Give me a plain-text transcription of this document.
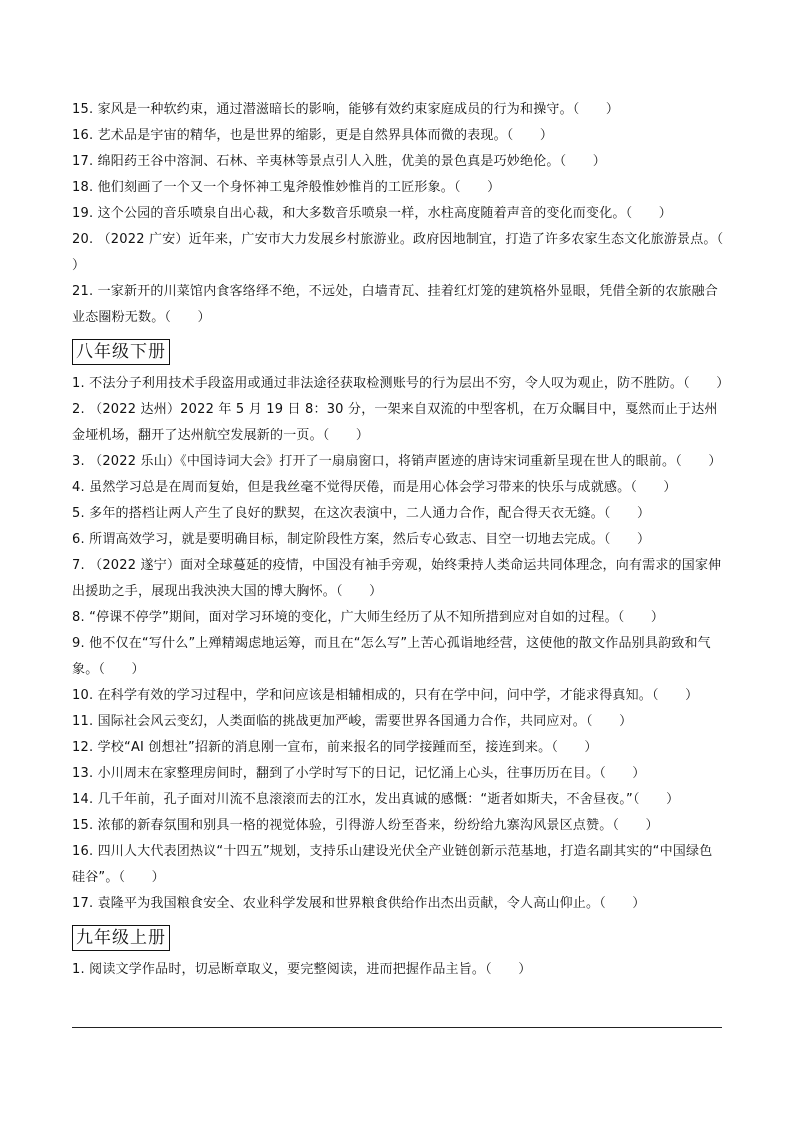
15. 家风是一种软约束，通过潜滋暗长的影响，能够有效约束家庭成员的行为和操守。（　　）

16. 艺术品是宇宙的精华，也是世界的缩影，更是自然界具体而微的表现。（　　）

17. 绵阳药王谷中溶洞、石林、辛夷林等景点引人入胜，优美的景色真是巧妙绝伦。（　　）

18. 他们刻画了一个又一个身怀神工鬼斧般惟妙惟肖的工匠形象。（　　）

19. 这个公园的音乐喷泉自出心裁，和大多数音乐喷泉一样，水柱高度随着声音的变化而变化。（　　）

20. （2022 广安）近年来，广安市大力发展乡村旅游业。政府因地制宜，打造了许多农家生态文化旅游景点。（　　）

21. 一家新开的川菜馆内食客络绎不绝，不远处，白墙青瓦、挂着红灯笼的建筑格外显眼，凭借全新的农旅融合业态圈粉无数。（　　）

八年级下册

1. 不法分子利用技术手段盗用或通过非法途径获取检测账号的行为层出不穷，令人叹为观止，防不胜防。（　　）

2. （2022 达州）2022 年 5 月 19 日 8：30 分，一架来自双流的中型客机，在万众瞩目中，戛然而止于达州金垭机场，翻开了达州航空发展新的一页。（　　）

3. （2022 乐山）《中国诗词大会》打开了一扇扇窗口，将销声匿迹的唐诗宋词重新呈现在世人的眼前。（　　）

4. 虽然学习总是在周而复始，但是我丝毫不觉得厌倦，而是用心体会学习带来的快乐与成就感。（　　）

5. 多年的搭档让两人产生了良好的默契，在这次表演中，二人通力合作，配合得天衣无缝。（　　）

6. 所谓高效学习，就是要明确目标，制定阶段性方案，然后专心致志、目空一切地去完成。（　　）

7. （2022 遂宁）面对全球蔓延的疫情，中国没有袖手旁观，始终秉持人类命运共同体理念，向有需求的国家伸出援助之手，展现出我泱泱大国的博大胸怀。（　　）

8. “停课不停学”期间，面对学习环境的变化，广大师生经历了从不知所措到应对自如的过程。（　　）

9. 他不仅在“写什么”上殚精竭虑地运筹，而且在“怎么写”上苦心孤诣地经营，这使他的散文作品别具韵致和气象。（　　）

10. 在科学有效的学习过程中，学和问应该是相辅相成的，只有在学中问，问中学，才能求得真知。（　　）

11. 国际社会风云变幻，人类面临的挑战更加严峻，需要世界各国通力合作，共同应对。（　　）

12. 学校“AI 创想社”招新的消息刚一宣布，前来报名的同学接踵而至，接连到来。（　　）

13. 小川周末在家整理房间时，翻到了小学时写下的日记，记忆涌上心头，往事历历在目。（　　）

14. 几千年前，孔子面对川流不息滚滚而去的江水，发出真诚的感慨：“逝者如斯夫，不舍昼夜。”（　　）

15. 浓郁的新春氛围和别具一格的视觉体验，引得游人纷至沓来，纷纷给九寨沟风景区点赞。（　　）

16. 四川人大代表团热议“十四五”规划，支持乐山建设光伏全产业链创新示范基地，打造名副其实的“中国绿色硅谷”。（　　）

17. 袁隆平为我国粮食安全、农业科学发展和世界粮食供给作出杰出贡献，令人高山仰止。（　　）

九年级上册

1. 阅读文学作品时，切忌断章取义，要完整阅读，进而把握作品主旨。（　　）
